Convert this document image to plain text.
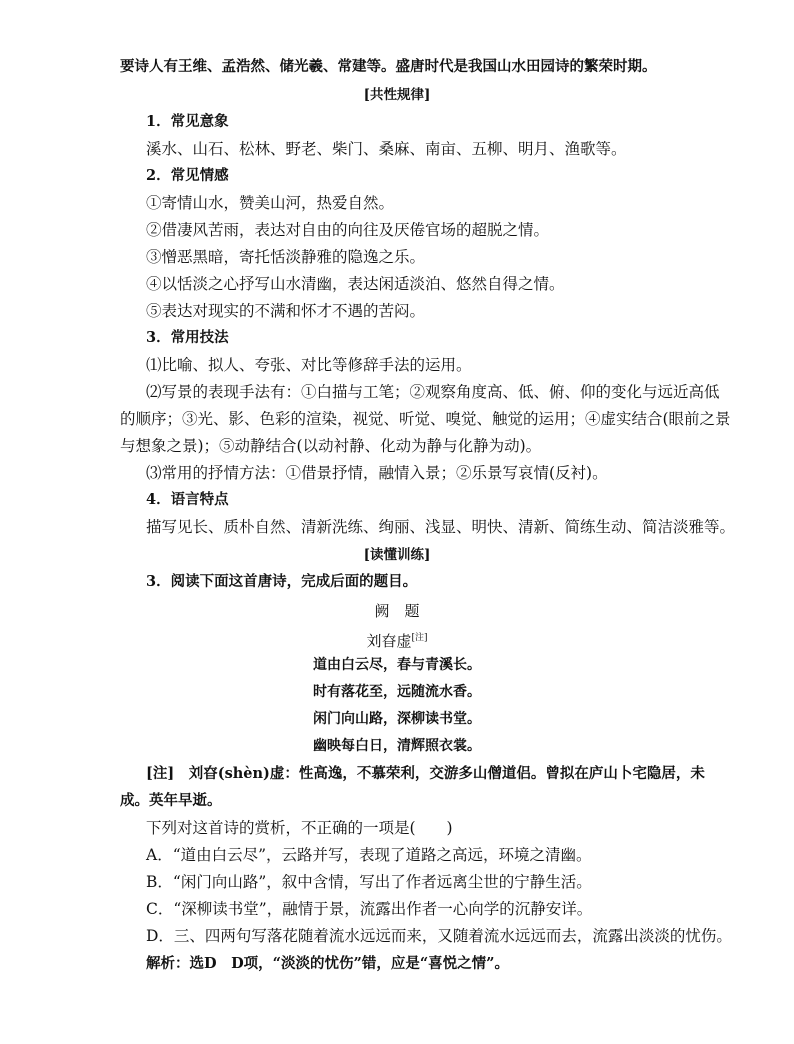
要诗人有王维、孟浩然、储光羲、常建等。盛唐时代是我国山水田园诗的繁荣时期。
[共性规律]
1．常见意象
溪水、山石、松林、野老、柴门、桑麻、南亩、五柳、明月、渔歌等。
2．常见情感
①寄情山水，赞美山河，热爱自然。
②借凄风苦雨，表达对自由的向往及厌倦官场的超脱之情。
③憎恶黑暗，寄托恬淡静雅的隐逸之乐。
④以恬淡之心抒写山水清幽，表达闲适淡泊、悠然自得之情。
⑤表达对现实的不满和怀才不遇的苦闷。
3．常用技法
⑴比喻、拟人、夸张、对比等修辞手法的运用。
⑵写景的表现手法有：①白描与工笔；②观察角度高、低、俯、仰的变化与远近高低
的顺序；③光、影、色彩的渲染，视觉、听觉、嗅觉、触觉的运用；④虚实结合(眼前之景
与想象之景)；⑤动静结合(以动衬静、化动为静与化静为动)。
⑶常用的抒情方法：①借景抒情，融情入景；②乐景写哀情(反衬)。
4．语言特点
描写见长、质朴自然、清新洗练、绚丽、浅显、明快、清新、简练生动、简洁淡雅等。
[读懂训练]
3．阅读下面这首唐诗，完成后面的题目。
阙　题
刘昚虚[注]
道由白云尽，春与青溪长。
时有落花至，远随流水香。
闲门向山路，深柳读书堂。
幽映每白日，清辉照衣裳。
[注]　刘昚(shèn)虚：性高逸，不慕荣利，交游多山僧道侣。曾拟在庐山卜宅隐居，未
成。英年早逝。
下列对这首诗的赏析，不正确的一项是(　　)
A．“道由白云尽”，云路并写，表现了道路之高远，环境之清幽。
B．“闲门向山路”，叙中含情，写出了作者远离尘世的宁静生活。
C．“深柳读书堂”，融情于景，流露出作者一心向学的沉静安详。
D．三、四两句写落花随着流水远远而来，又随着流水远远而去，流露出淡淡的忧伤。
解析：选D　D项，“淡淡的忧伤”错，应是“喜悦之情”。
